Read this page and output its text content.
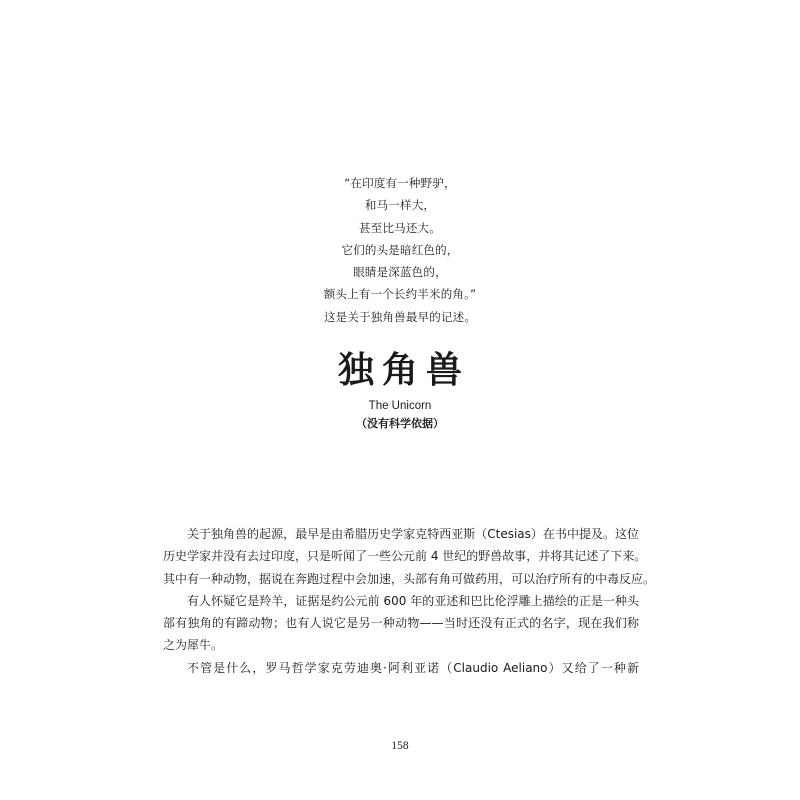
“在印度有一种野驴，
和马一样大，
甚至比马还大。
它们的头是暗红色的，
眼睛是深蓝色的，
额头上有一个长约半米的角。”
这是关于独角兽最早的记述。
独角兽
The Unicorn
（没有科学依据）
关于独角兽的起源，最早是由希腊历史学家克特西亚斯（Ctesias）在书中提及。这位
历史学家并没有去过印度，只是听闻了一些公元前 4 世纪的野兽故事，并将其记述了下来。
其中有一种动物，据说在奔跑过程中会加速，头部有角可做药用，可以治疗所有的中毒反应。
有人怀疑它是羚羊，证据是约公元前 600 年的亚述和巴比伦浮雕上描绘的正是一种头
部有独角的有蹄动物；也有人说它是另一种动物——当时还没有正式的名字，现在我们称
之为犀牛。
不管是什么，罗马哲学家克劳迪奥·阿利亚诺（Claudio Aeliano）又给了一种新
158
